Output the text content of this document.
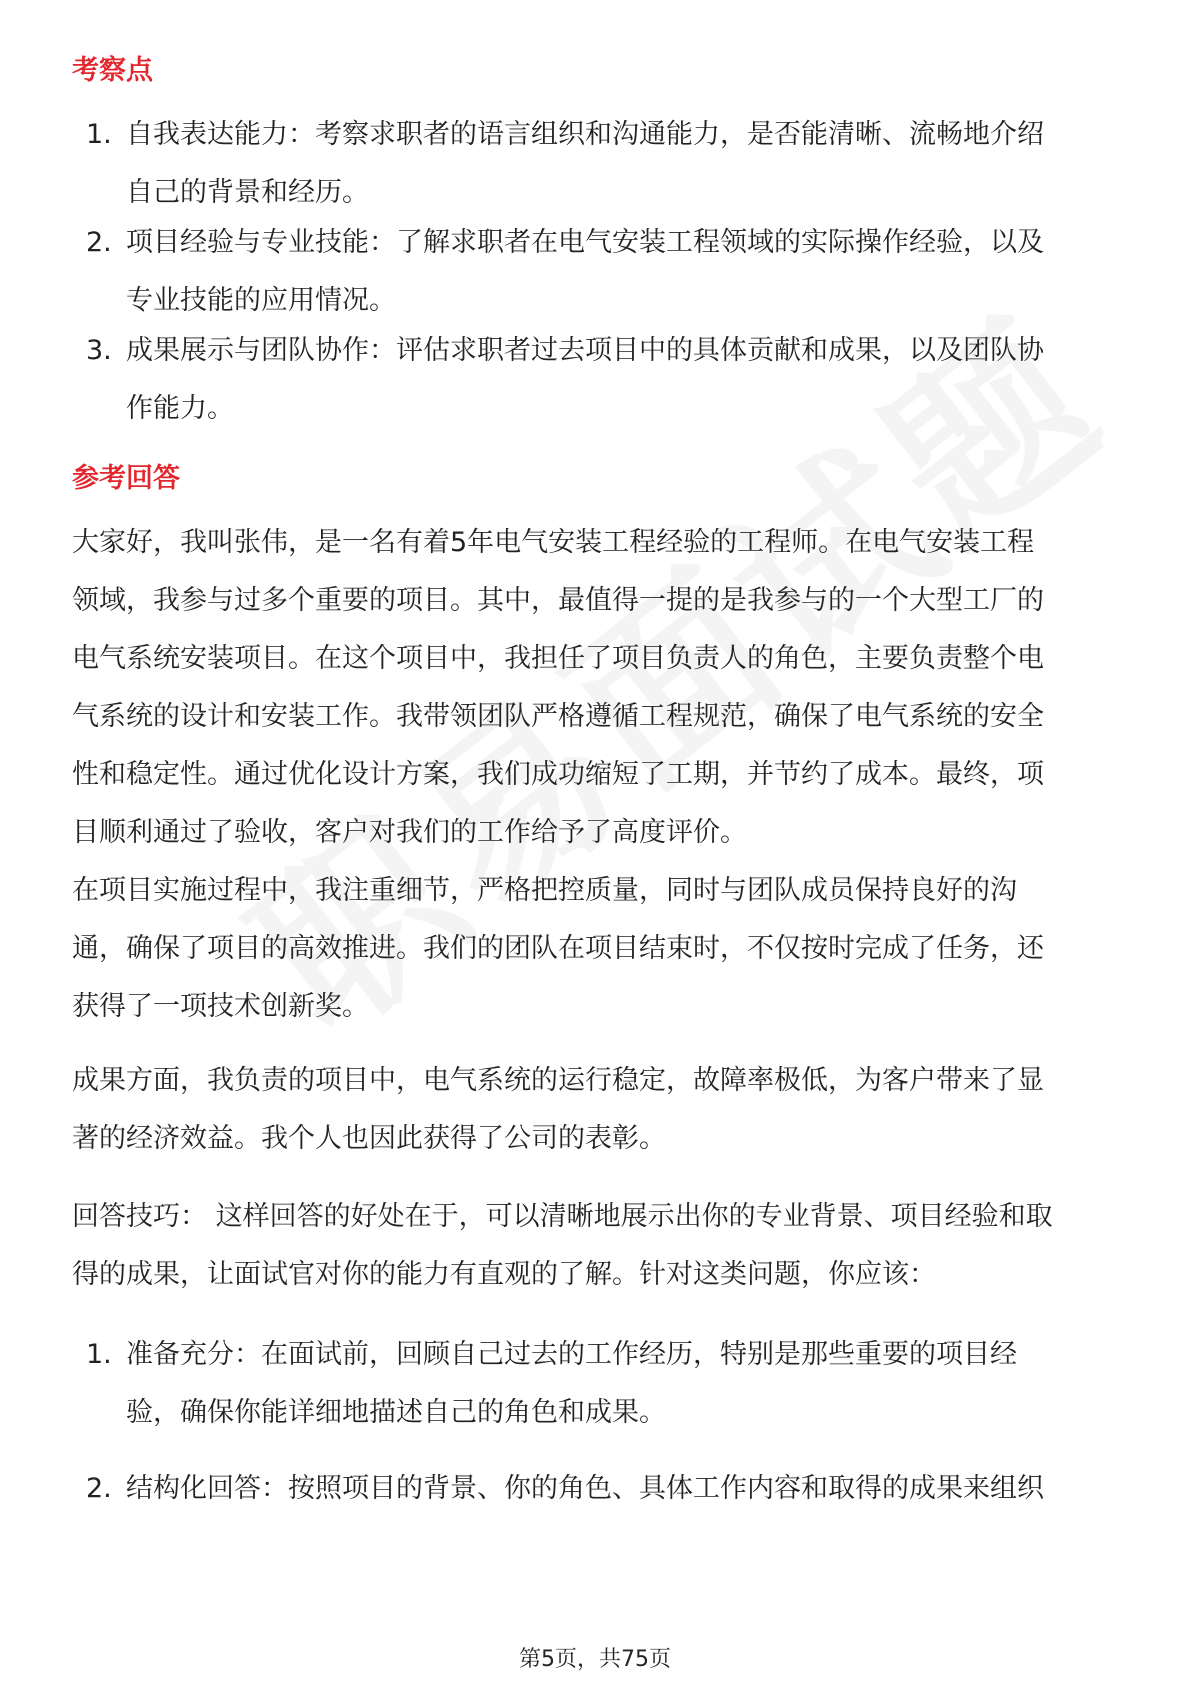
考察点
1. 自我表达能力：考察求职者的语言组织和沟通能力，是否能清晰、流畅地介绍
自己的背景和经历。
2. 项目经验与专业技能：了解求职者在电气安装工程领域的实际操作经验，以及
专业技能的应用情况。
3. 成果展示与团队协作：评估求职者过去项目中的具体贡献和成果，以及团队协
作能力。
参考回答
大家好，我叫张伟，是一名有着5年电气安装工程经验的工程师。在电气安装工程
领域，我参与过多个重要的项目。其中，最值得一提的是我参与的一个大型工厂的
电气系统安装项目。在这个项目中，我担任了项目负责人的角色，主要负责整个电
气系统的设计和安装工作。我带领团队严格遵循工程规范，确保了电气系统的安全
性和稳定性。通过优化设计方案，我们成功缩短了工期，并节约了成本。最终，项
目顺利通过了验收，客户对我们的工作给予了高度评价。
在项目实施过程中，我注重细节，严格把控质量，同时与团队成员保持良好的沟
通，确保了项目的高效推进。我们的团队在项目结束时，不仅按时完成了任务，还
获得了一项技术创新奖。
成果方面，我负责的项目中，电气系统的运行稳定，故障率极低，为客户带来了显
著的经济效益。我个人也因此获得了公司的表彰。
回答技巧： 这样回答的好处在于，可以清晰地展示出你的专业背景、项目经验和取
得的成果，让面试官对你的能力有直观的了解。针对这类问题，你应该：
1. 准备充分：在面试前，回顾自己过去的工作经历，特别是那些重要的项目经
验，确保你能详细地描述自己的角色和成果。
2. 结构化回答：按照项目的背景、你的角色、具体工作内容和取得的成果来组织
第5页，共75页
